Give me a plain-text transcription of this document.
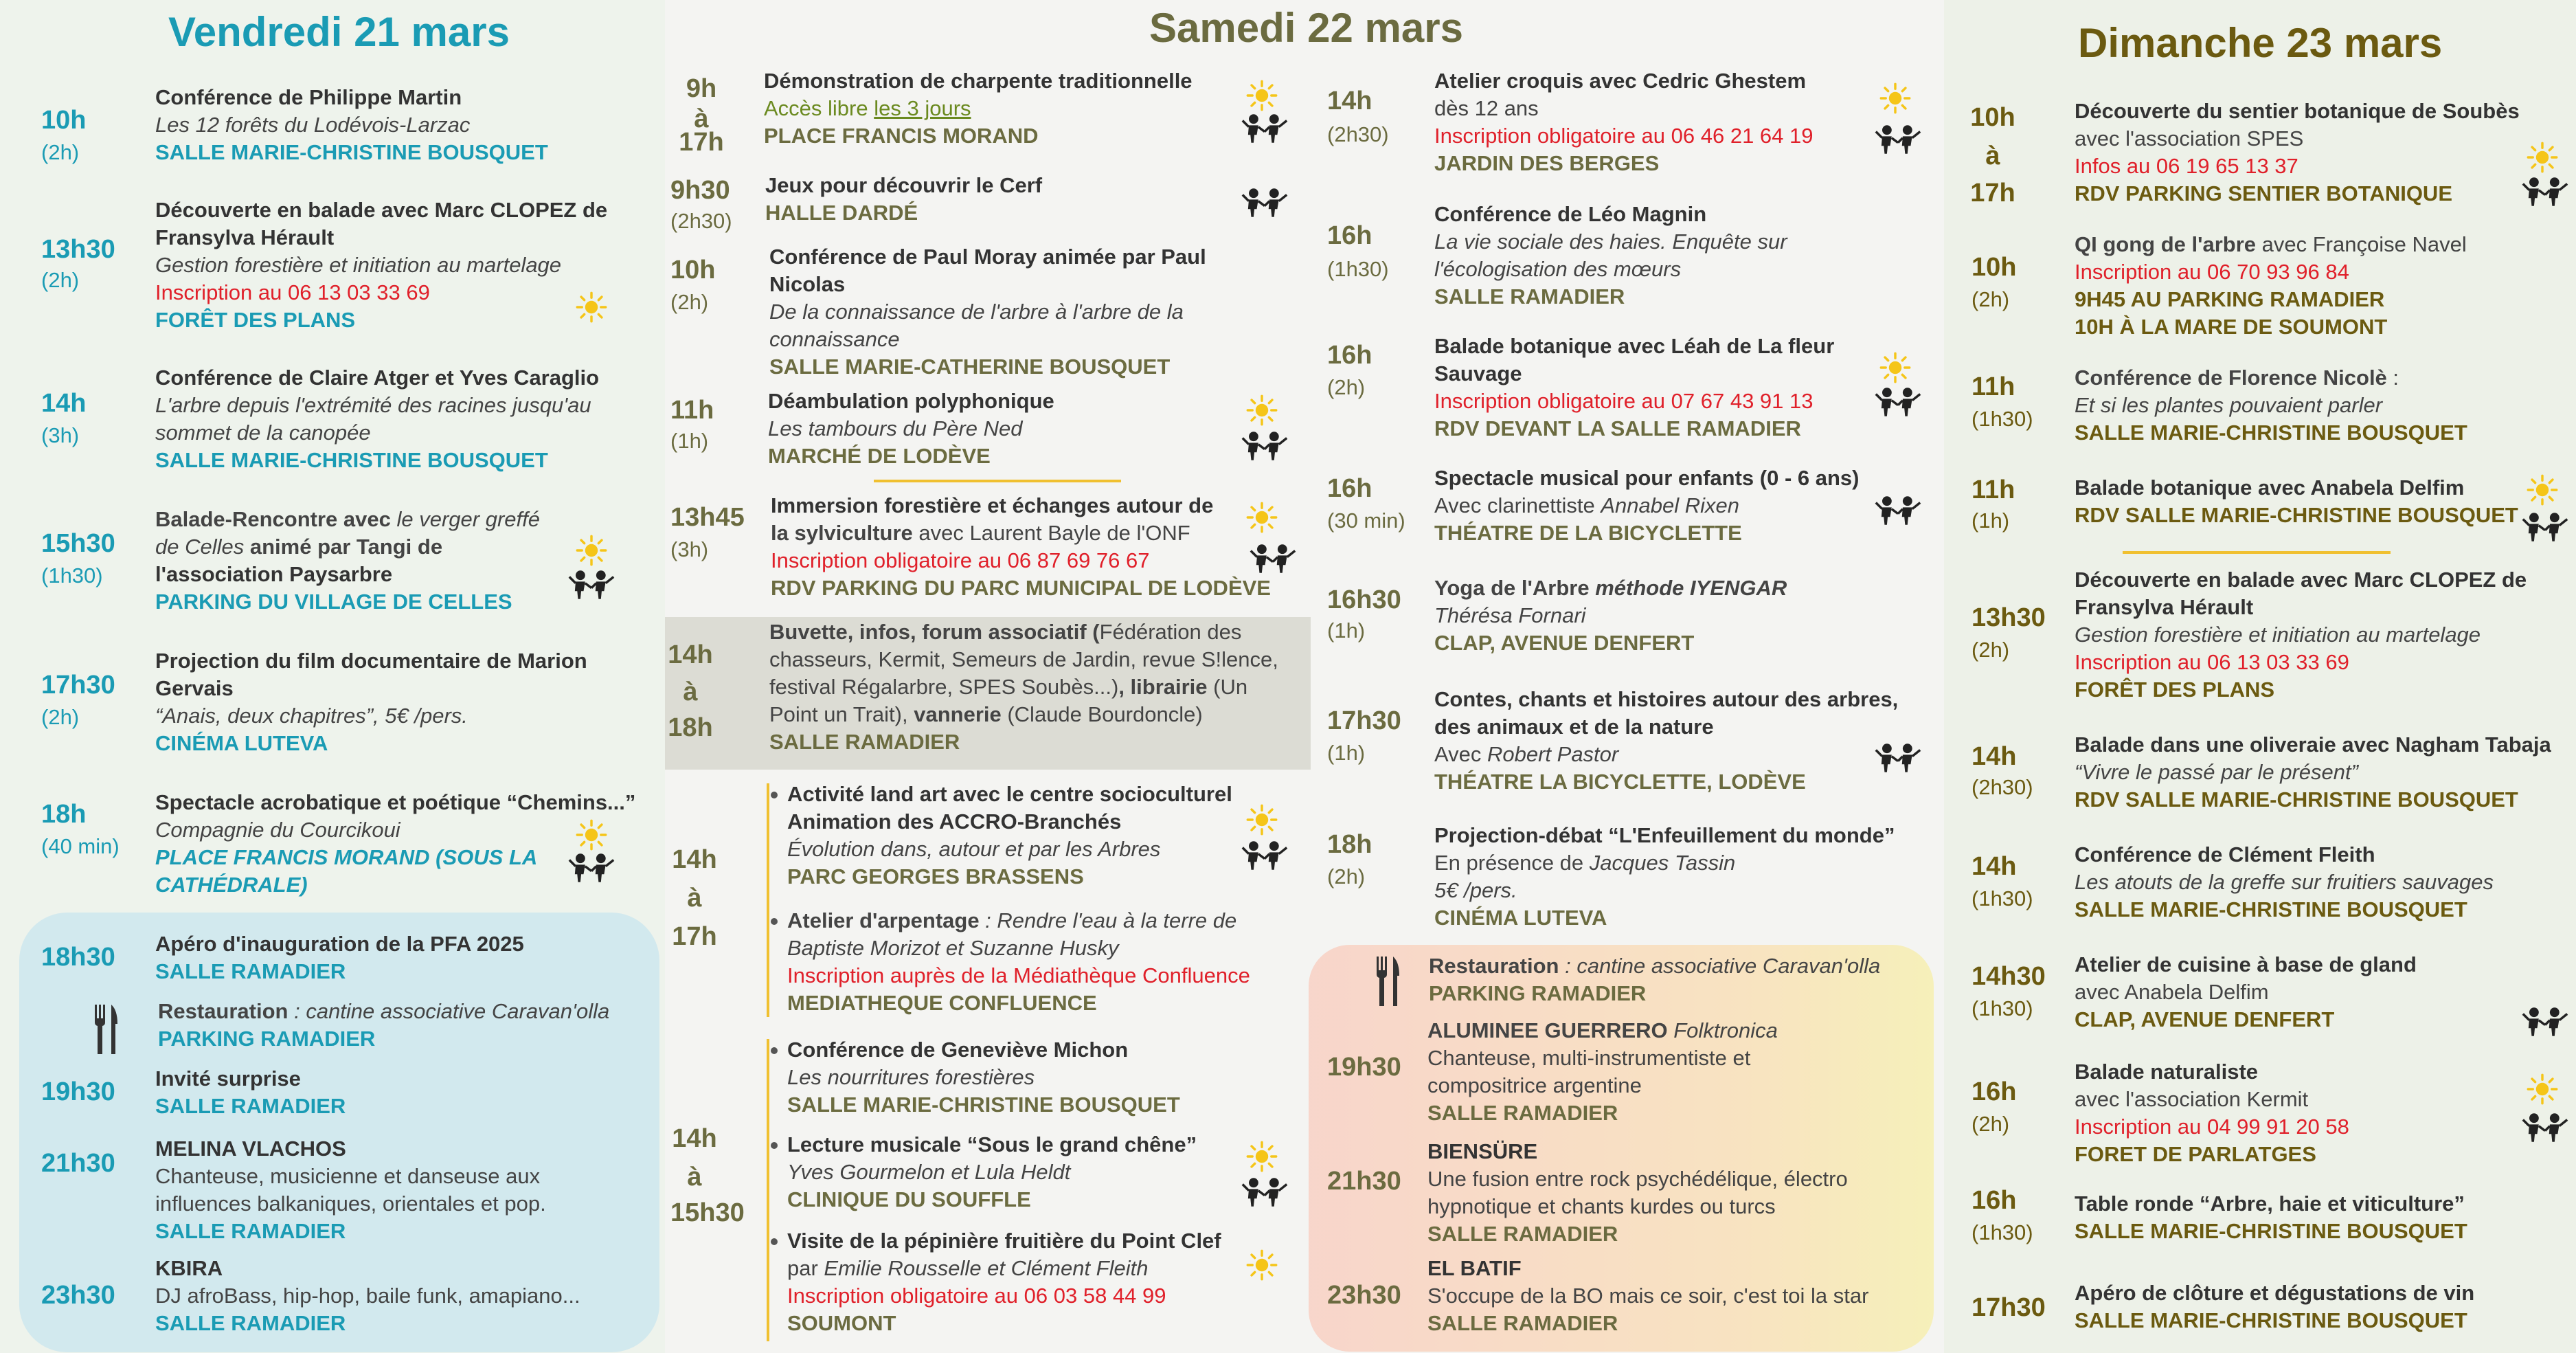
Vendredi 21 mars
10h
(2h)
Conférence de Philippe Martin
Les 12 forêts du Lodévois-Larzac
SALLE MARIE-CHRISTINE BOUSQUET
13h30
(2h)
Découverte en balade avec Marc CLOPEZ de
Fransylva Hérault
Gestion forestière et initiation au martelage
Inscription au 06 13 03 33 69
FORÊT DES PLANS
14h
(3h)
Conférence de Claire Atger et Yves Caraglio
L'arbre depuis l'extrémité des racines jusqu'au
sommet de la canopée
SALLE MARIE-CHRISTINE BOUSQUET
15h30
(1h30)
Balade-Rencontre avec le verger greffé
de Celles animé par Tangi de
l'association Paysarbre
PARKING DU VILLAGE DE CELLES
17h30
(2h)
Projection du film documentaire de Marion
Gervais
“Anais, deux chapitres”, 5€ /pers.
CINÉMA LUTEVA
18h
(40 min)
Spectacle acrobatique et poétique “Chemins...”
Compagnie du Courcikoui
PLACE FRANCIS MORAND (SOUS LA
CATHÉDRALE)
18h30 Apéro d'inauguration de la PFA 2025
SALLE RAMADIER
Restauration : cantine associative Caravan'olla
PARKING RAMADIER
19h30 Invité surprise
SALLE RAMADIER
21h30
MELINA VLACHOS
Chanteuse, musicienne et danseuse aux
influences balkaniques, orientales et pop.
SALLE RAMADIER
23h30
KBIRA
DJ afroBass, hip-hop, baile funk, amapiano...
SALLE RAMADIER
Samedi 22 mars
9h
à
17h
Démonstration de charpente traditionnelle
Accès libre les 3 jours
PLACE FRANCIS MORAND
9h30
(2h30)
Jeux pour découvrir le Cerf
HALLE DARDÉ
10h
(2h)
Conférence de Paul Moray animée par Paul
Nicolas
De la connaissance de l'arbre à l'arbre de la
connaissance
SALLE MARIE-CATHERINE BOUSQUET
11h
(1h)
Déambulation polyphonique
Les tambours du Père Ned
MARCHÉ DE LODÈVE
13h45
(3h)
Immersion forestière et échanges autour de
la sylviculture avec Laurent Bayle de l'ONF
Inscription obligatoire au 06 87 69 76 67
RDV PARKING DU PARC MUNICIPAL DE LODÈVE
14h
à
18h
Buvette, infos, forum associatif (Fédération des
chasseurs, Kermit, Semeurs de Jardin, revue S!lence,
festival Régalarbre, SPES Soubès...), librairie (Un
Point un Trait), vannerie (Claude Bourdoncle)
SALLE RAMADIER
14h
à
17h
Activité land art avec le centre socioculturel
Animation des ACCRO-Branchés
Évolution dans, autour et par les Arbres
PARC GEORGES BRASSENS
Atelier d'arpentage : Rendre l'eau à la terre de
Baptiste Morizot et Suzanne Husky
Inscription auprès de la Médiathèque Confluence
MEDIATHEQUE CONFLUENCE
14h
à
15h30
Conférence de Geneviève Michon
Les nourritures forestières
SALLE MARIE-CHRISTINE BOUSQUET
Lecture musicale “Sous le grand chêne”
Yves Gourmelon et Lula Heldt
CLINIQUE DU SOUFFLE
Visite de la pépinière fruitière du Point Clef
par Emilie Rousselle et Clément Fleith
Inscription obligatoire au 06 03 58 44 99
SOUMONT
14h
(2h30)
Atelier croquis avec Cedric Ghestem
dès 12 ans
Inscription obligatoire au 06 46 21 64 19
JARDIN DES BERGES
16h
(1h30)
Conférence de Léo Magnin
La vie sociale des haies. Enquête sur
l'écologisation des mœurs
SALLE RAMADIER
16h
(2h)
Balade botanique avec Léah de La fleur
Sauvage
Inscription obligatoire au 07 67 43 91 13
RDV DEVANT LA SALLE RAMADIER
16h
(30 min)
Spectacle musical pour enfants (0 - 6 ans)
Avec clarinettiste Annabel Rixen
THÉATRE DE LA BICYCLETTE
16h30
(1h)
Yoga de l'Arbre méthode IYENGAR
Thérésa Fornari
CLAP, AVENUE DENFERT
17h30
(1h)
Contes, chants et histoires autour des arbres,
des animaux et de la nature
Avec Robert Pastor
THÉATRE LA BICYCLETTE, LODÈVE
18h
(2h)
Projection-débat “L'Enfeuillement du monde”
En présence de Jacques Tassin
5€ /pers.
CINÉMA LUTEVA
Restauration : cantine associative Caravan'olla
PARKING RAMADIER
19h30
ALUMINEE GUERRERO Folktronica
Chanteuse, multi-instrumentiste et
compositrice argentine
SALLE RAMADIER
21h30
BIENSÜRE
Une fusion entre rock psychédélique, électro
hypnotique et chants kurdes ou turcs
SALLE RAMADIER
23h30
EL BATIF
S'occupe de la BO mais ce soir, c'est toi la star
SALLE RAMADIER
Dimanche 23 mars
10h
à
17h
Découverte du sentier botanique de Soubès
avec l'association SPES
Infos au 06 19 65 13 37
RDV PARKING SENTIER BOTANIQUE
10h
(2h)
QI gong de l'arbre avec Françoise Navel
Inscription au 06 70 93 96 84
9H45 AU PARKING RAMADIER
10H À LA MARE DE SOUMONT
11h
(1h30)
Conférence de Florence Nicolè :
Et si les plantes pouvaient parler
SALLE MARIE-CHRISTINE BOUSQUET
11h
(1h)
Balade botanique avec Anabela Delfim
RDV SALLE MARIE-CHRISTINE BOUSQUET
13h30
(2h)
Découverte en balade avec Marc CLOPEZ de
Fransylva Hérault
Gestion forestière et initiation au martelage
Inscription au 06 13 03 33 69
FORÊT DES PLANS
14h
(2h30)
Balade dans une oliveraie avec Nagham Tabaja
“Vivre le passé par le présent”
RDV SALLE MARIE-CHRISTINE BOUSQUET
14h
(1h30)
Conférence de Clément Fleith
Les atouts de la greffe sur fruitiers sauvages
SALLE MARIE-CHRISTINE BOUSQUET
14h30
(1h30)
Atelier de cuisine à base de gland
avec Anabela Delfim
CLAP, AVENUE DENFERT
16h
(2h)
Balade naturaliste
avec l'association Kermit
Inscription au 04 99 91 20 58
FORET DE PARLATGES
16h
(1h30)
Table ronde “Arbre, haie et viticulture”
SALLE MARIE-CHRISTINE BOUSQUET
17h30
Apéro de clôture et dégustations de vin
SALLE MARIE-CHRISTINE BOUSQUET
